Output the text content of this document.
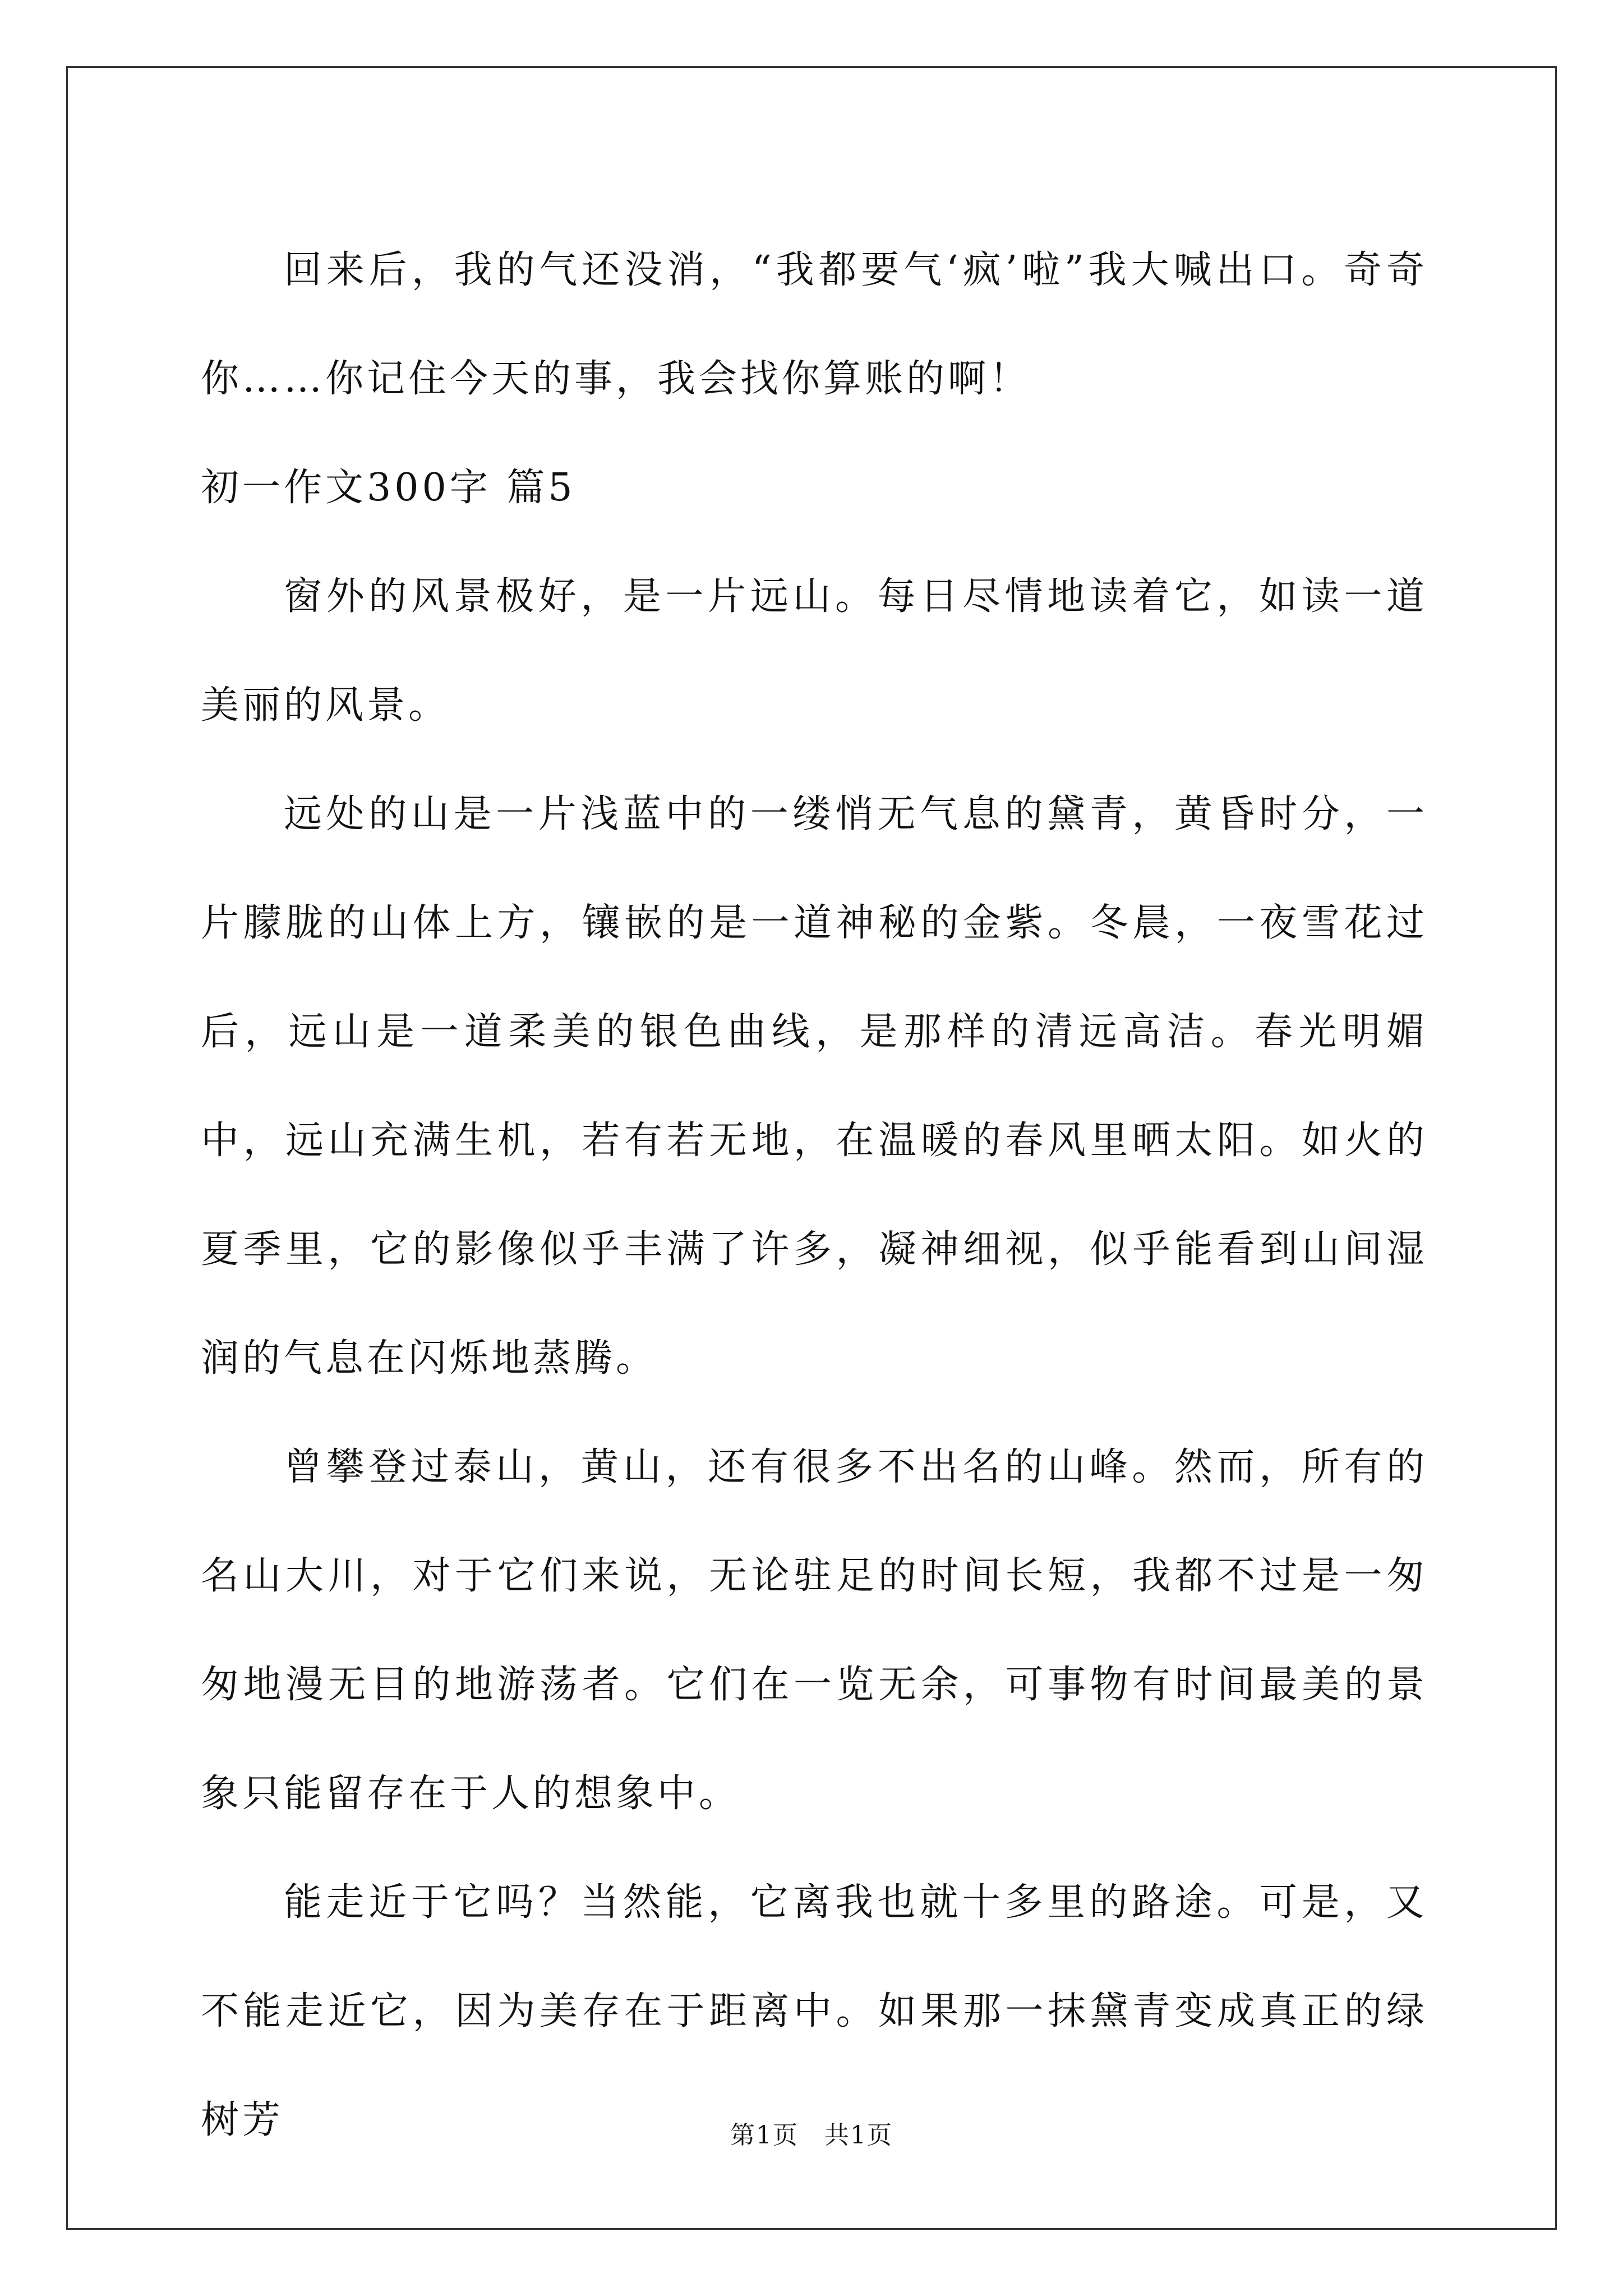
回来后，我的气还没消，“我都要气‘疯’啦”我大喊出口。奇奇你……你记住今天的事，我会找你算账的啊！

初一作文300字 篇5

窗外的风景极好，是一片远山。每日尽情地读着它，如读一道美丽的风景。

远处的山是一片浅蓝中的一缕悄无气息的黛青，黄昏时分，一片朦胧的山体上方，镶嵌的是一道神秘的金紫。冬晨，一夜雪花过后，远山是一道柔美的银色曲线，是那样的清远高洁。春光明媚中，远山充满生机，若有若无地，在温暖的春风里晒太阳。如火的夏季里，它的影像似乎丰满了许多，凝神细视，似乎能看到山间湿润的气息在闪烁地蒸腾。

曾攀登过泰山，黄山，还有很多不出名的山峰。然而，所有的名山大川，对于它们来说，无论驻足的时间长短，我都不过是一匆匆地漫无目的地游荡者。它们在一览无余，可事物有时间最美的景象只能留存在于人的想象中。

能走近于它吗？当然能，它离我也就十多里的路途。可是，又不能走近它，因为美存在于距离中。如果那一抹黛青变成真正的绿树芳	第1页　共1页
